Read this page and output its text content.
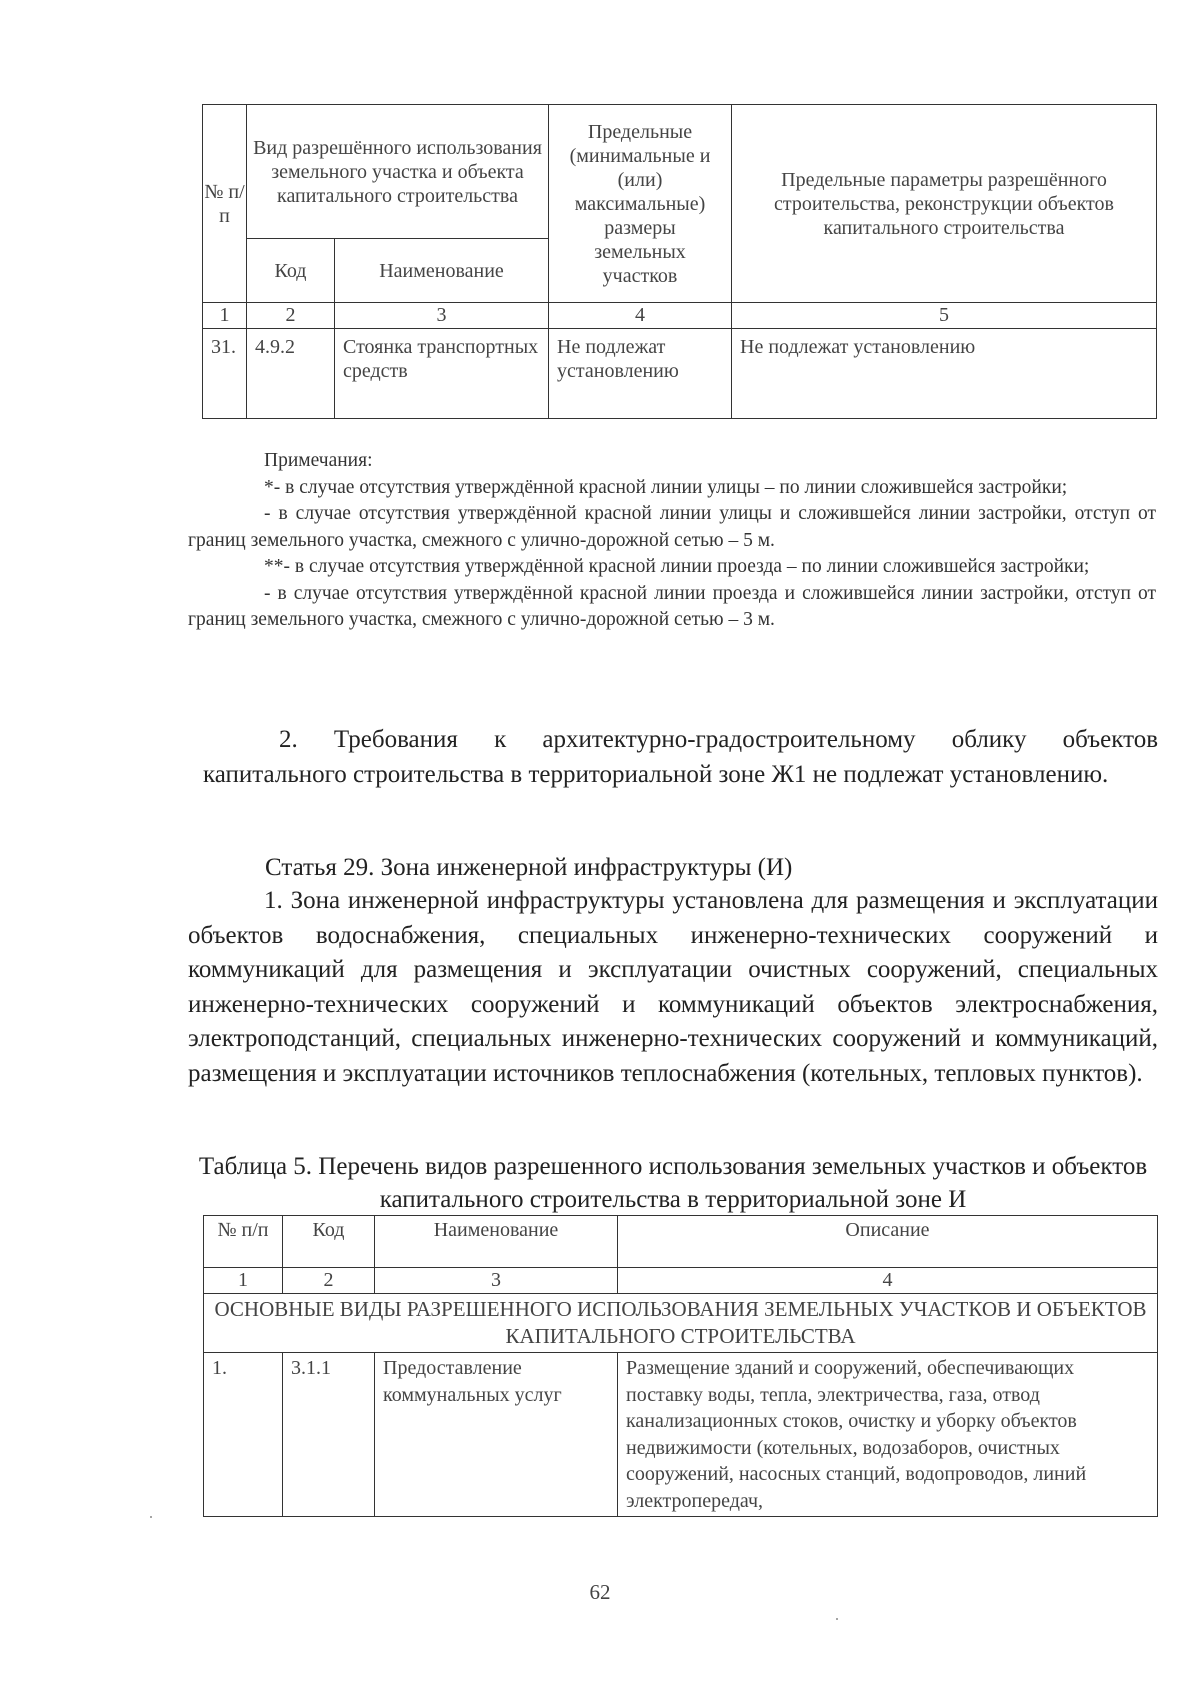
№ п/п	Вид разрешённого использования земельного участка и объекта капитального строительства		Предельные (минимальные и (или) максимальные) размеры земельных участков	Предельные параметры разрешённого строительства, реконструкции объектов капитального строительства
	Код	Наименование		
1	2	3	4	5
31.	4.9.2	Стоянка транспортных средств	Не подлежат установлению	Не подлежат установлению

Примечания:

*- в случае отсутствия утверждённой красной линии улицы – по линии сложившейся застройки;

- в случае отсутствия утверждённой красной линии улицы и сложившейся линии застройки, отступ от границ земельного участка, смежного с улично-дорожной сетью – 5 м.

**- в случае отсутствия утверждённой красной линии проезда – по линии сложившейся застройки;

- в случае отсутствия утверждённой красной линии проезда и сложившейся линии застройки, отступ от границ земельного участка, смежного с улично-дорожной сетью – 3 м.

2. Требования к архитектурно-градостроительному облику объектов капитального строительства в территориальной зоне Ж1 не подлежат установлению.

Статья 29. Зона инженерной инфраструктуры (И)

1. Зона инженерной инфраструктуры установлена для размещения и эксплуатации объектов водоснабжения, специальных инженерно-технических сооружений и коммуникаций для размещения и эксплуатации очистных сооружений, специальных инженерно-технических сооружений и коммуникаций объектов электроснабжения, электроподстанций, специальных инженерно-технических сооружений и коммуникаций, размещения и эксплуатации источников теплоснабжения (котельных, тепловых пунктов).

Таблица 5. Перечень видов разрешенного использования земельных участков и объектов капитального строительства в территориальной зоне И

№ п/п	Код	Наименование	Описание
1	2	3	4
ОСНОВНЫЕ ВИДЫ РАЗРЕШЕННОГО ИСПОЛЬЗОВАНИЯ ЗЕМЕЛЬНЫХ УЧАСТКОВ И ОБЪЕКТОВ КАПИТАЛЬНОГО СТРОИТЕЛЬСТВА			
1.	3.1.1	Предоставление коммунальных услуг	Размещение зданий и сооружений, обеспечивающих поставку воды, тепла, электричества, газа, отвод канализационных стоков, очистку и уборку объектов недвижимости (котельных, водозаборов, очистных сооружений, насосных станций, водопроводов, линий электропередач,
62
